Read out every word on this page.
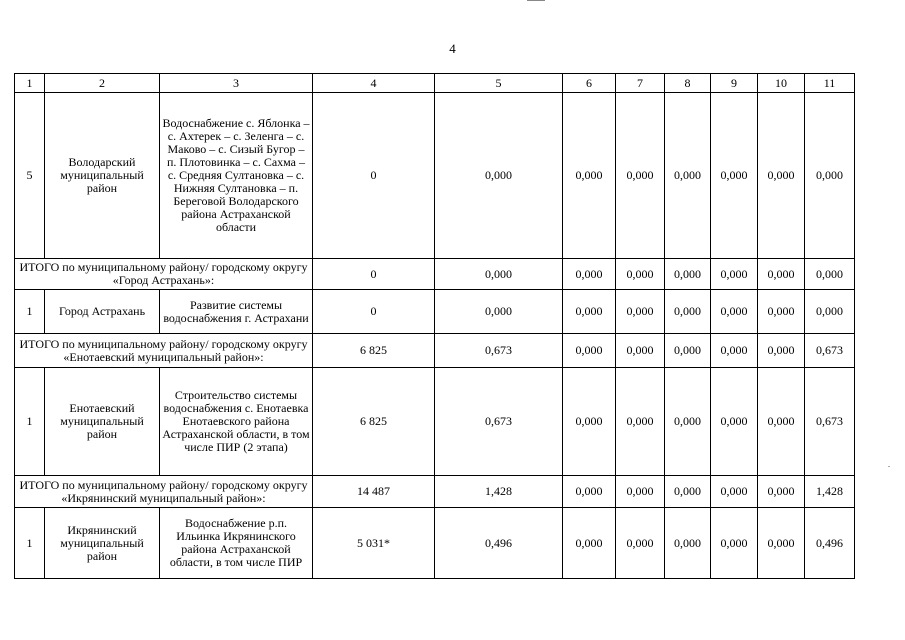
4
1	2	3	4	5	6	7	8	9	10	11
5	Володарский муниципальный район	Водоснабжение с. Яблонка – с. Ахтерек – с. Зеленга – с. Маково – с. Сизый Бугор – п. Плотовинка – с. Сахма – с. Средняя Султановка – с. Нижняя Султановка – п. Береговой Володарского района Астраханской области	0	0,000	0,000	0,000	0,000	0,000	0,000	0,000
ИТОГО по муниципальному району/ городскому округу «Город Астрахань»:			0	0,000	0,000	0,000	0,000	0,000	0,000	0,000
1	Город Астрахань	Развитие системы водоснабжения г. Астрахани	0	0,000	0,000	0,000	0,000	0,000	0,000	0,000
ИТОГО по муниципальному району/ городскому округу «Енотаевский муниципальный район»:			6 825	0,673	0,000	0,000	0,000	0,000	0,000	0,673
1	Енотаевский муниципальный район	Строительство системы водоснабжения с. Енотаевка Енотаевского района Астраханской области, в том числе ПИР (2 этапа)	6 825	0,673	0,000	0,000	0,000	0,000	0,000	0,673
ИТОГО по муниципальному району/ городскому округу «Икрянинский муниципальный район»:			14 487	1,428	0,000	0,000	0,000	0,000	0,000	1,428
1	Икрянинский муниципальный район	Водоснабжение р.п. Ильинка Икрянинского района Астраханской области, в том числе ПИР	5 031*	0,496	0,000	0,000	0,000	0,000	0,000	0,496
